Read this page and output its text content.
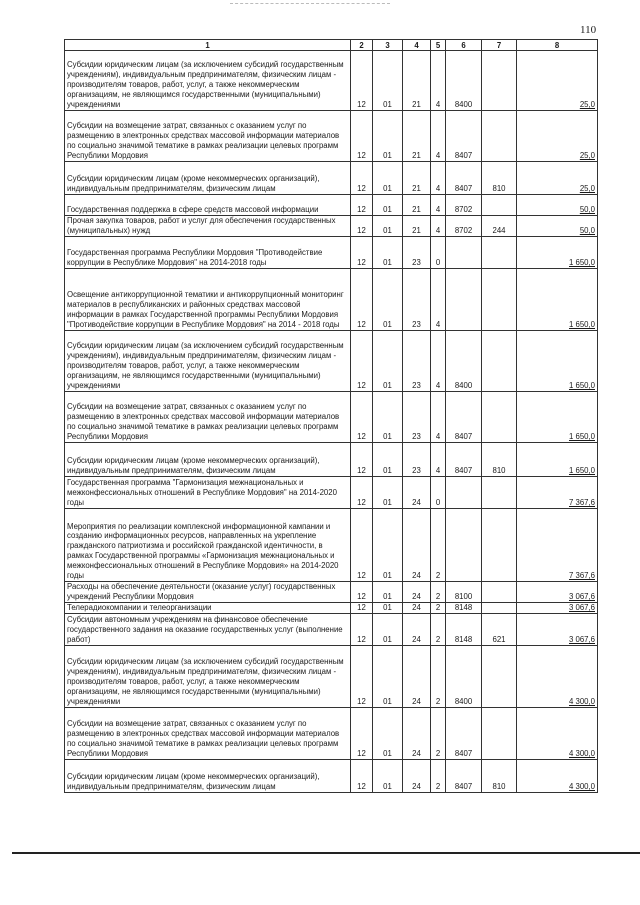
110
1	2	3	4	5	6	7	8
Субсидии юридическим лицам (за исключением субсидий государственным учреждениям), индивидуальным предпринимателям, физическим лицам - производителям товаров, работ, услуг, а также некоммерческим организациям, не являющимся государственными (муниципальными) учреждениями	12	01	21	4	8400		25,0
Субсидии на возмещение затрат, связанных с оказанием услуг по размещению в электронных средствах массовой информации материалов по социально значимой тематике в рамках реализации целевых программ Республики Мордовия	12	01	21	4	8407		25,0
Субсидии юридическим лицам (кроме некоммерческих организаций), индивидуальным предпринимателям, физическим лицам	12	01	21	4	8407	810	25,0
Государственная поддержка в сфере средств массовой информации	12	01	21	4	8702		50,0
Прочая закупка товаров, работ и услуг для обеспечения государственных (муниципальных) нужд	12	01	21	4	8702	244	50,0
Государственная программа Республики Мордовия "Противодействие коррупции в Республике Мордовия" на 2014-2018 годы	12	01	23	0			1 650,0
Освещение антикоррупционной тематики и антикоррупционный мониторинг материалов в республиканских и районных средствах массовой информации в рамках Государственной программы Республики Мордовия "Противодействие коррупции в Республике Мордовия" на 2014 - 2018 годы	12	01	23	4			1 650,0
Субсидии юридическим лицам (за исключением субсидий государственным учреждениям), индивидуальным предпринимателям, физическим лицам - производителям товаров, работ, услуг, а также некоммерческим организациям, не являющимся государственными (муниципальными) учреждениями	12	01	23	4	8400		1 650,0
Субсидии на возмещение затрат, связанных с оказанием услуг по размещению в электронных средствах массовой информации материалов по социально значимой тематике в рамках реализации целевых программ Республики Мордовия	12	01	23	4	8407		1 650,0
Субсидии юридическим лицам (кроме некоммерческих организаций), индивидуальным предпринимателям, физическим лицам	12	01	23	4	8407	810	1 650,0
Государственная программа "Гармонизация межнациональных и межконфессиональных отношений в Республике Мордовия" на 2014-2020 годы	12	01	24	0			7 367,6
Мероприятия по реализации комплексной информационной кампании и созданию информационных ресурсов, направленных на укрепление гражданского патриотизма и российской гражданской идентичности, в рамках Государственной программы «Гармонизация межнациональных и межконфессиональных отношений в Республике Мордовия» на 2014-2020 годы	12	01	24	2			7 367,6
Расходы на обеспечение деятельности (оказание услуг) государственных учреждений Республики Мордовия	12	01	24	2	8100		3 067,6
Телерадиокомпании и телеорганизации	12	01	24	2	8148		3 067,6
Субсидии автономным учреждениям на финансовое обеспечение государственного задания на оказание государственных услуг (выполнение работ)	12	01	24	2	8148	621	3 067,6
Субсидии юридическим лицам (за исключением субсидий государственным учреждениям), индивидуальным предпринимателям, физическим лицам - производителям товаров, работ, услуг, а также некоммерческим организациям, не являющимся государственными (муниципальными) учреждениями	12	01	24	2	8400		4 300,0
Субсидии на возмещение затрат, связанных с оказанием услуг по размещению в электронных средствах массовой информации материалов по социально значимой тематике в рамках реализации целевых программ Республики Мордовия	12	01	24	2	8407		4 300,0
Субсидии юридическим лицам (кроме некоммерческих организаций), индивидуальным предпринимателям, физическим лицам	12	01	24	2	8407	810	4 300,0
